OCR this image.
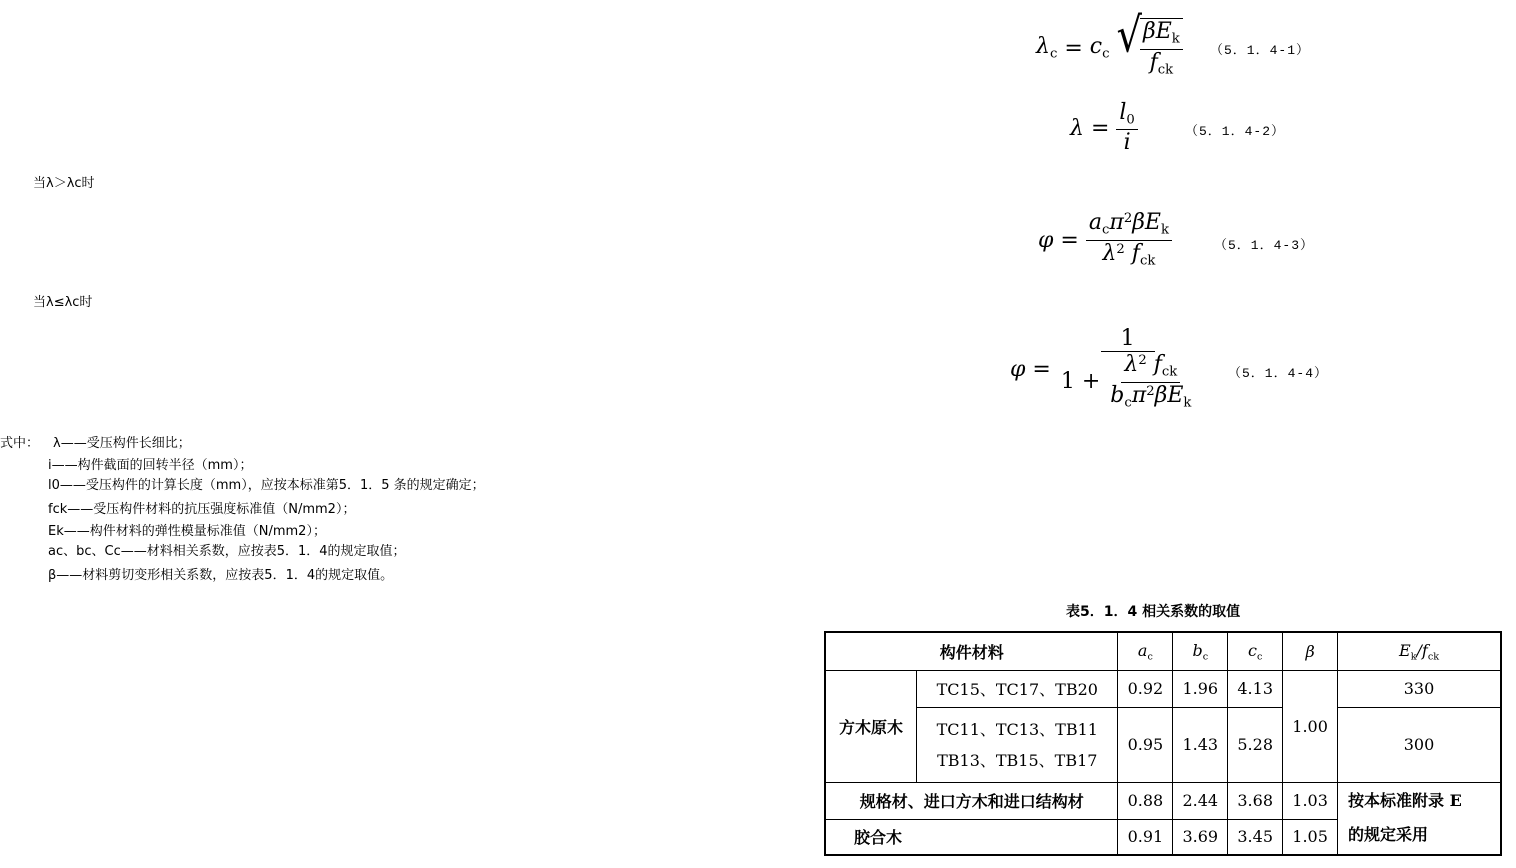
$\lambda_c = c_c$
√
$\frac{\beta E_k}{f_{ck}} (5$．1．4-1）
$\lambda = \frac{l_0}{i}$	（5．1．4-2）
当λ＞λc时
$\varphi = \frac{a_c\pi^2\beta E_k}{\lambda^2 f_{ck}}$	（5．1．4-3）
当λ≤λc时
$\varphi = \frac{1}{1 + \frac{\lambda^2 f_{ck}}{b_c\pi^2\beta E_k}} (5$．1．4-4）
式中： λ——受压构件长细比；
i——构件截面的回转半径（mm）；
l0——受压构件的计算长度（mm），应按本标准第5．1．5 条的规定确定；
fck——受压构件材料的抗压强度标准值（N/mm2）；
Ek——构件材料的弹性模量标准值（N/mm2）；
ac、bc、Cc——材料相关系数，应按表5．1．4的规定取值；
β——材料剪切变形相关系数，应按表5．1．4的规定取值。
表5．1．4 相关系数的取值
构件材料		$a_c$	$b_c$	$c_c$	β	$E_k/f_{ck}$
方木原木	TC15、TC17、TB20	0.92	1.96	4.13	1.00	330
	TC11、TC13、TB11
TB13、TB15、TB17	0.95	1.43	5.28		300
规格材、进口方木和进口结构材		0.88	2.44	3.68	1.03	按本标准附录 E
的规定采用
胶合木		0.91	3.69	3.45	1.05	
